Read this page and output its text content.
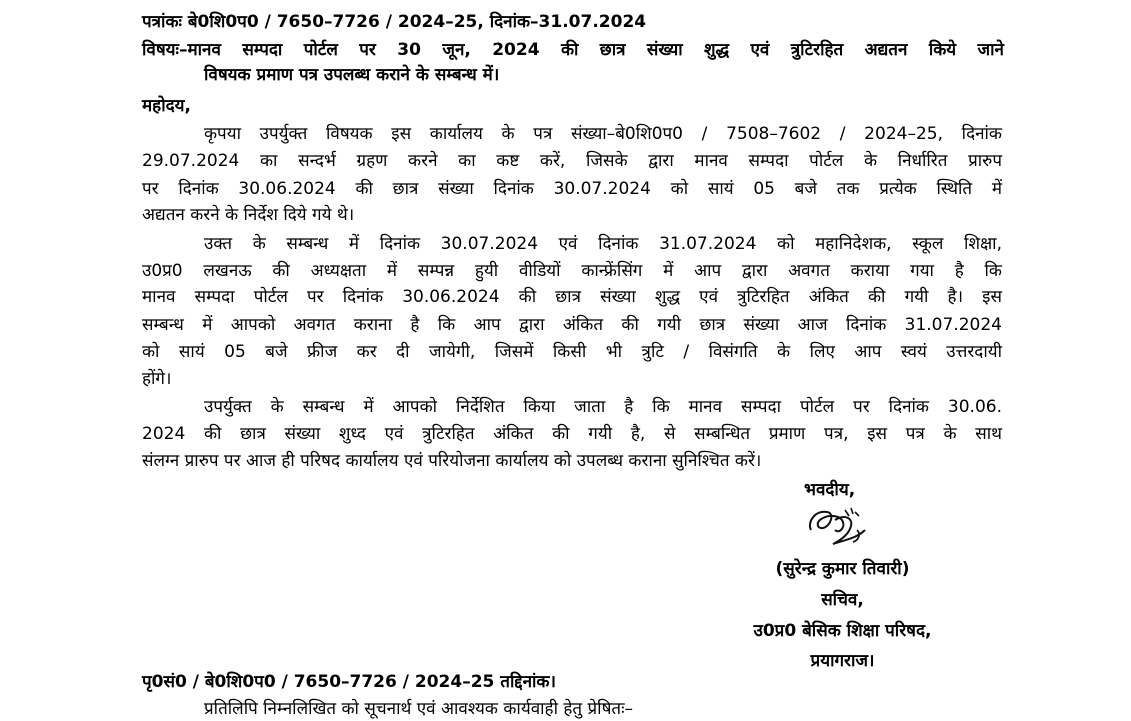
पत्रांकः बे0शि0प0 / 7650–7726 / 2024–25, दिनांक–31.07.2024
विषयः–मानव सम्पदा पोर्टल पर 30 जून, 2024 की छात्र संख्या शुद्ध एवं त्रुटिरहित अद्यतन किये जाने
विषयक प्रमाण पत्र उपलब्ध कराने के सम्बन्ध में।
महोदय,
कृपया उपर्युक्त विषयक इस कार्यालय के पत्र संख्या–बे0शि0प0 / 7508–7602 / 2024–25, दिनांक
29.07.2024 का सन्दर्भ ग्रहण करने का कष्ट करें, जिसके द्वारा मानव सम्पदा पोर्टल के निर्धारित प्रारुप
पर दिनांक 30.06.2024 की छात्र संख्या दिनांक 30.07.2024 को सायं 05 बजे तक प्रत्येक स्थिति में
अद्यतन करने के निर्देश दिये गये थे।
उक्त के सम्बन्ध में दिनांक 30.07.2024 एवं दिनांक 31.07.2024 को महानिदेशक, स्कूल शिक्षा,
उ0प्र0 लखनऊ की अध्यक्षता में सम्पन्न हुयी वीडियों कान्फ्रेंसिंग में आप द्वारा अवगत कराया गया है कि
मानव सम्पदा पोर्टल पर दिनांक 30.06.2024 की छात्र संख्या शुद्ध एवं त्रुटिरहित अंकित की गयी है। इस
सम्बन्ध में आपको अवगत कराना है कि आप द्वारा अंकित की गयी छात्र संख्या आज दिनांक 31.07.2024
को सायं 05 बजे फ्रीज कर दी जायेगी, जिसमें किसी भी त्रुटि / विसंगति के लिए आप स्वयं उत्तरदायी
होंगे।
उपर्युक्त के सम्बन्ध में आपको निर्देशित किया जाता है कि मानव सम्पदा पोर्टल पर दिनांक 30.06.
2024 की छात्र संख्या शुध्द एवं त्रुटिरहित अंकित की गयी है, से सम्बन्धित प्रमाण पत्र, इस पत्र के साथ
संलग्न प्रारुप पर आज ही परिषद कार्यालय एवं परियोजना कार्यालय को उपलब्ध कराना सुनिश्चित करें।
भवदीय,
(सुरेन्द्र कुमार तिवारी)
सचिव,
उ0प्र0 बेसिक शिक्षा परिषद,
प्रयागराज।
पृ0सं0 / बे0शि0प0 / 7650–7726 / 2024–25 तद्दिनांक।
प्रतिलिपि निम्नलिखित को सूचनार्थ एवं आवश्यक कार्यवाही हेतु प्रेषितः–
